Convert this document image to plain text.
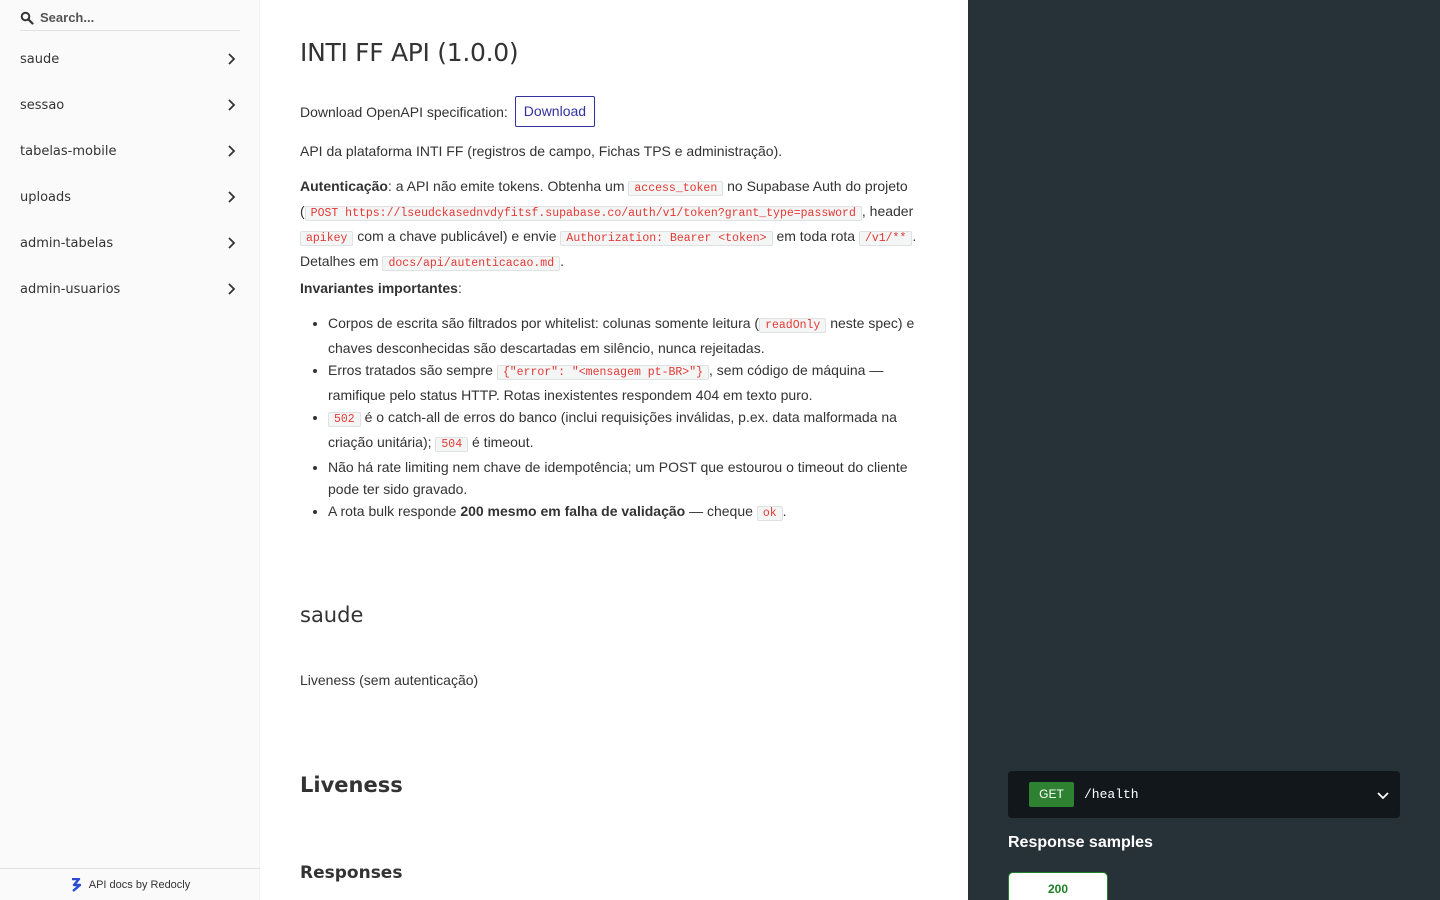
Search...
saude
sessao
tabelas-mobile
uploads
admin-tabelas
admin-usuarios
API docs by Redocly
INTI FF API (1.0.0)
Download OpenAPI specification:	Download

API da plataforma INTI FF (registros de campo, Fichas TPS e administração).

Autenticação: a API não emite tokens. Obtenha um access_token no Supabase Auth do projeto ( POST https://lseudckasednvdyfitsf.supabase.co/auth/v1/token?grant_type=password , header apikey com a chave publicável) e envie Authorization: Bearer <token> em toda rota /v1/** . Detalhes em docs/api/autenticacao.md .

Invariantes importantes:

• Corpos de escrita são filtrados por whitelist: colunas somente leitura ( readOnly neste spec) e chaves desconhecidas são descartadas em silêncio, nunca rejeitadas.
• Erros tratados são sempre {"error": "<mensagem pt-BR>"} , sem código de máquina — ramifique pelo status HTTP. Rotas inexistentes respondem 404 em texto puro.
• 502 é o catch-all de erros do banco (inclui requisições inválidas, p.ex. data malformada na criação unitária); 504 é timeout.
• Não há rate limiting nem chave de idempotência; um POST que estourou o timeout do cliente pode ter sido gravado.
• A rota bulk responde 200 mesmo em falha de validação — cheque ok .
saude

Liveness (sem autenticação)

Liveness
Responses
GET	/health
Response samples
200
